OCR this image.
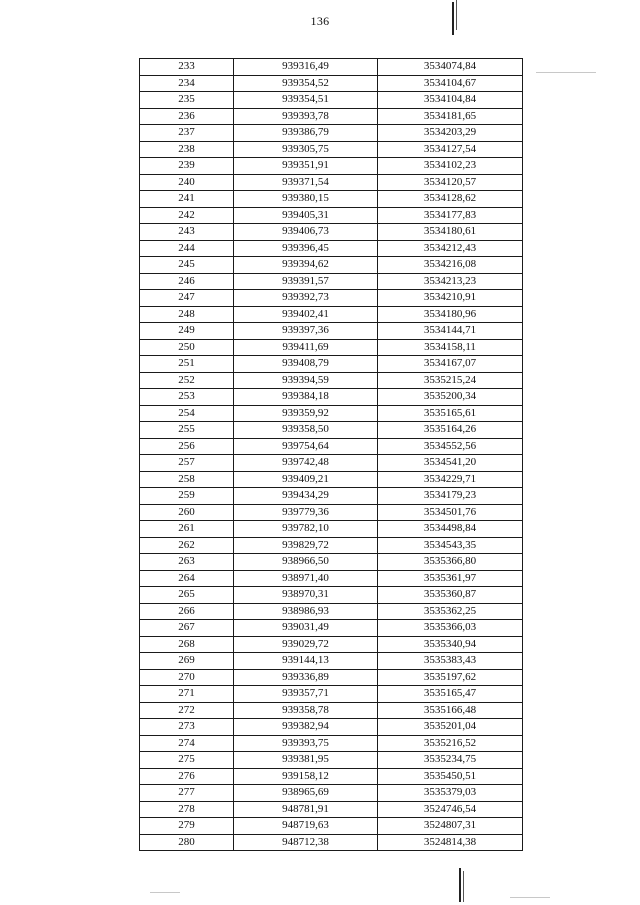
136
233	939316,49	3534074,84
234	939354,52	3534104,67
235	939354,51	3534104,84
236	939393,78	3534181,65
237	939386,79	3534203,29
238	939305,75	3534127,54
239	939351,91	3534102,23
240	939371,54	3534120,57
241	939380,15	3534128,62
242	939405,31	3534177,83
243	939406,73	3534180,61
244	939396,45	3534212,43
245	939394,62	3534216,08
246	939391,57	3534213,23
247	939392,73	3534210,91
248	939402,41	3534180,96
249	939397,36	3534144,71
250	939411,69	3534158,11
251	939408,79	3534167,07
252	939394,59	3535215,24
253	939384,18	3535200,34
254	939359,92	3535165,61
255	939358,50	3535164,26
256	939754,64	3534552,56
257	939742,48	3534541,20
258	939409,21	3534229,71
259	939434,29	3534179,23
260	939779,36	3534501,76
261	939782,10	3534498,84
262	939829,72	3534543,35
263	938966,50	3535366,80
264	938971,40	3535361,97
265	938970,31	3535360,87
266	938986,93	3535362,25
267	939031,49	3535366,03
268	939029,72	3535340,94
269	939144,13	3535383,43
270	939336,89	3535197,62
271	939357,71	3535165,47
272	939358,78	3535166,48
273	939382,94	3535201,04
274	939393,75	3535216,52
275	939381,95	3535234,75
276	939158,12	3535450,51
277	938965,69	3535379,03
278	948781,91	3524746,54
279	948719,63	3524807,31
280	948712,38	3524814,38
